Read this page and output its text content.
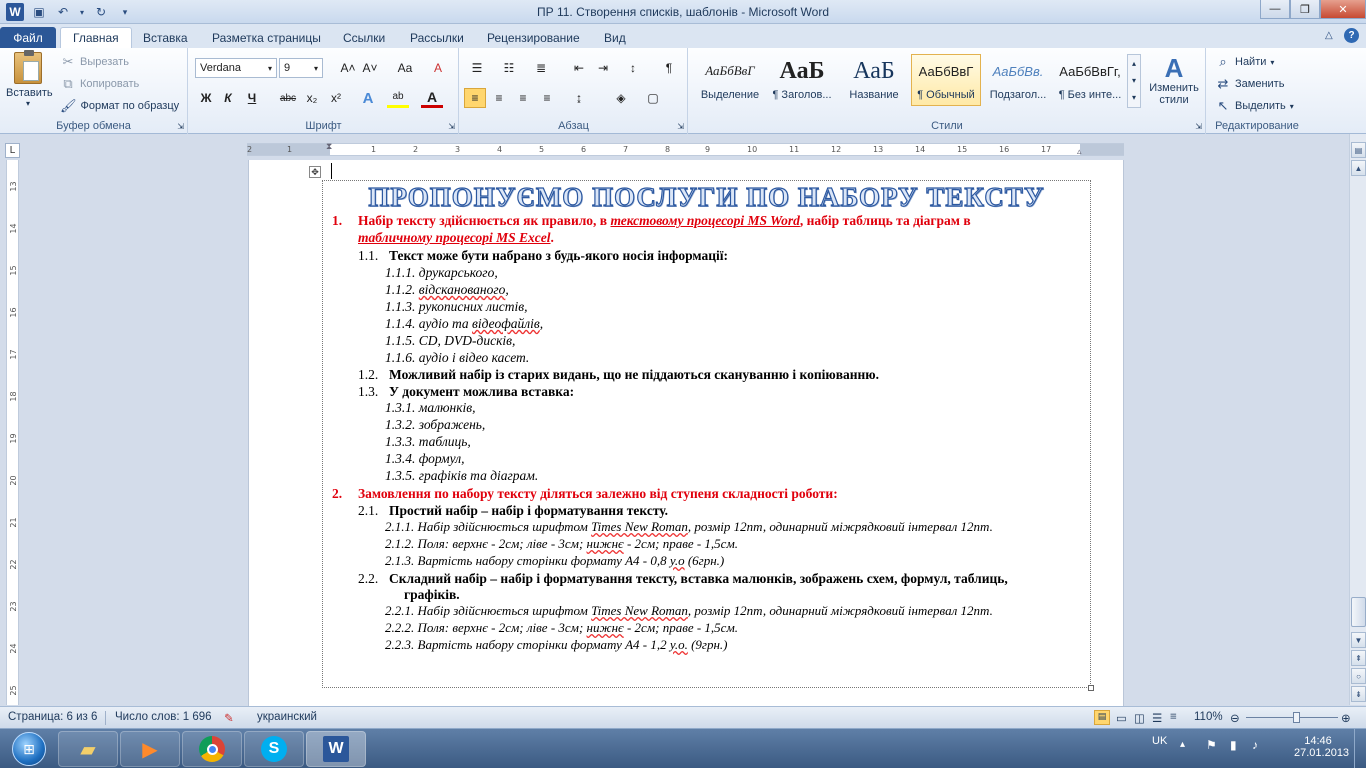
W ▣	↶	▾ ↻	▾	ПР 11. Створення списків, шаблонів - Microsoft Word	—	❐	✕
Файл	Главная	Вставка	Разметка страницы	Ссылки	Рассылки	Рецензирование	Вид	△	?
Вставить
▾
✂ Вырезать
⧉ Копировать
🖌 Формат по образцу
Буфер обмена	⇲
Verdana	▾ 9	▾ A˄ A˅	Aa	A
Ж	К	Ч	abc x₂	x²	A	ab	A
Шрифт	⇲
☰	☷	≣	⇤	⇥	↕	¶
≡	≡	≡	≡	↨	◈	▢
Абзац	⇲
АаБбВвГ
Выделение
АаБ
¶ Заголов...
АаБ
Название
АаБбВвГ
¶ Обычный
АаБбВв.
Подзагол...
АаБбВвГг,
¶ Без инте...
▴
▾
▾
A
Изменить стили
Стили	⇲
⌕ Найти ▾
⇄ Заменить
↖ Выделить ▾
Редактирование
L	2	1	1	2	3	4	5	6	7	8	9	10	11	12	13	14	15	16	17
⧗	▵
13
14
15
16
17
18
19
20
21
22
23
24
25
▤
▲
▼
⇞
○
⇟
✥
ПРОПОНУЄМО ПОСЛУГИ ПО НАБОРУ ТЕКСТУ
1. Набір тексту здійснюється як правило, в текстовому процесорі MS Word, набір таблиць та діаграм в
табличному процесорі MS Excel.
1.1. Текст може бути набрано з будь-якого носія інформації:
1.1.1. друкарського,
1.1.2. відсканованого,
1.1.3. рукописних листів,
1.1.4. аудіо та відеофайлів,
1.1.5. CD, DVD-дисків,
1.1.6. аудіо і відео касет.
1.2. Можливий набір із старих видань, що не піддаються скануванню і копіюванню.
1.3. У документ можлива вставка:
1.3.1. малюнків,
1.3.2. зображень,
1.3.3. таблиць,
1.3.4. формул,
1.3.5. графіків та діаграм.
2. Замовлення по набору тексту діляться залежно від ступеня складності роботи:
2.1. Простий набір – набір і форматування тексту.
2.1.1. Набір здійснюється шрифтом Times New Roman, розмір 12пт, одинарний міжрядковий інтервал 12пт.
2.1.2. Поля: верхнє - 2см; ліве - 3см; нижнє - 2см; праве - 1,5см.
2.1.3. Вартість набору сторінки формату А4 - 0,8 у.о (6грн.)
2.2. Складний набір – набір і форматування тексту, вставка малюнків, зображень схем, формул, таблиць,
графіків.
2.2.1. Набір здійснюється шрифтом Times New Roman, розмір 12пт, одинарний міжрядковий інтервал 12пт.
2.2.2. Поля: верхнє - 2см; ліве - 3см; нижнє - 2см; праве - 1,5см.
2.2.3. Вартість набору сторінки формату А4 - 1,2 у.о. (9грн.)
Страница: 6 из 6 Число слов: 1 696 ✎ украинский	▤ ▭ ◫ ☰ ≡ 110% ⊖	⊕
⊞	▰ ▶	S	W	UK ▴ ⚑ ▮ ♪	14:46
27.01.2013
